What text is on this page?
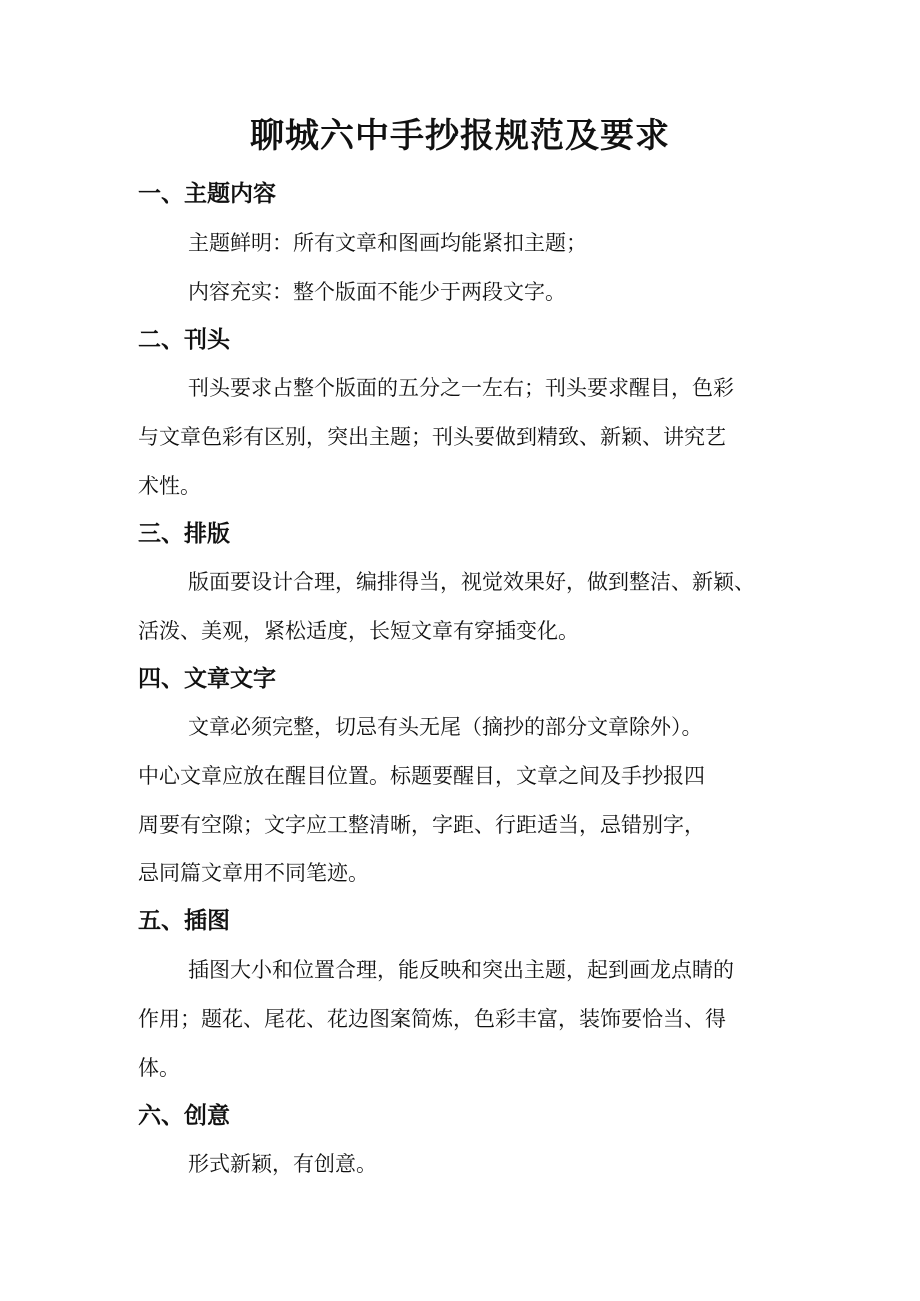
聊城六中手抄报规范及要求
一、主题内容

主题鲜明：所有文章和图画均能紧扣主题；

内容充实：整个版面不能少于两段文字。

二、刊头

刊头要求占整个版面的五分之一左右；刊头要求醒目，色彩

与文章色彩有区别，突出主题；刊头要做到精致、新颖、讲究艺

术性。

三、排版

版面要设计合理，编排得当，视觉效果好，做到整洁、新颖、

活泼、美观，紧松适度，长短文章有穿插变化。

四、文章文字

文章必须完整，切忌有头无尾（摘抄的部分文章除外）。

中心文章应放在醒目位置。标题要醒目，文章之间及手抄报四

周要有空隙；文字应工整清晰，字距、行距适当，忌错别字，

忌同篇文章用不同笔迹。

五、插图

插图大小和位置合理，能反映和突出主题，起到画龙点睛的

作用；题花、尾花、花边图案简炼，色彩丰富，装饰要恰当、得

体。

六、创意

形式新颖，有创意。
